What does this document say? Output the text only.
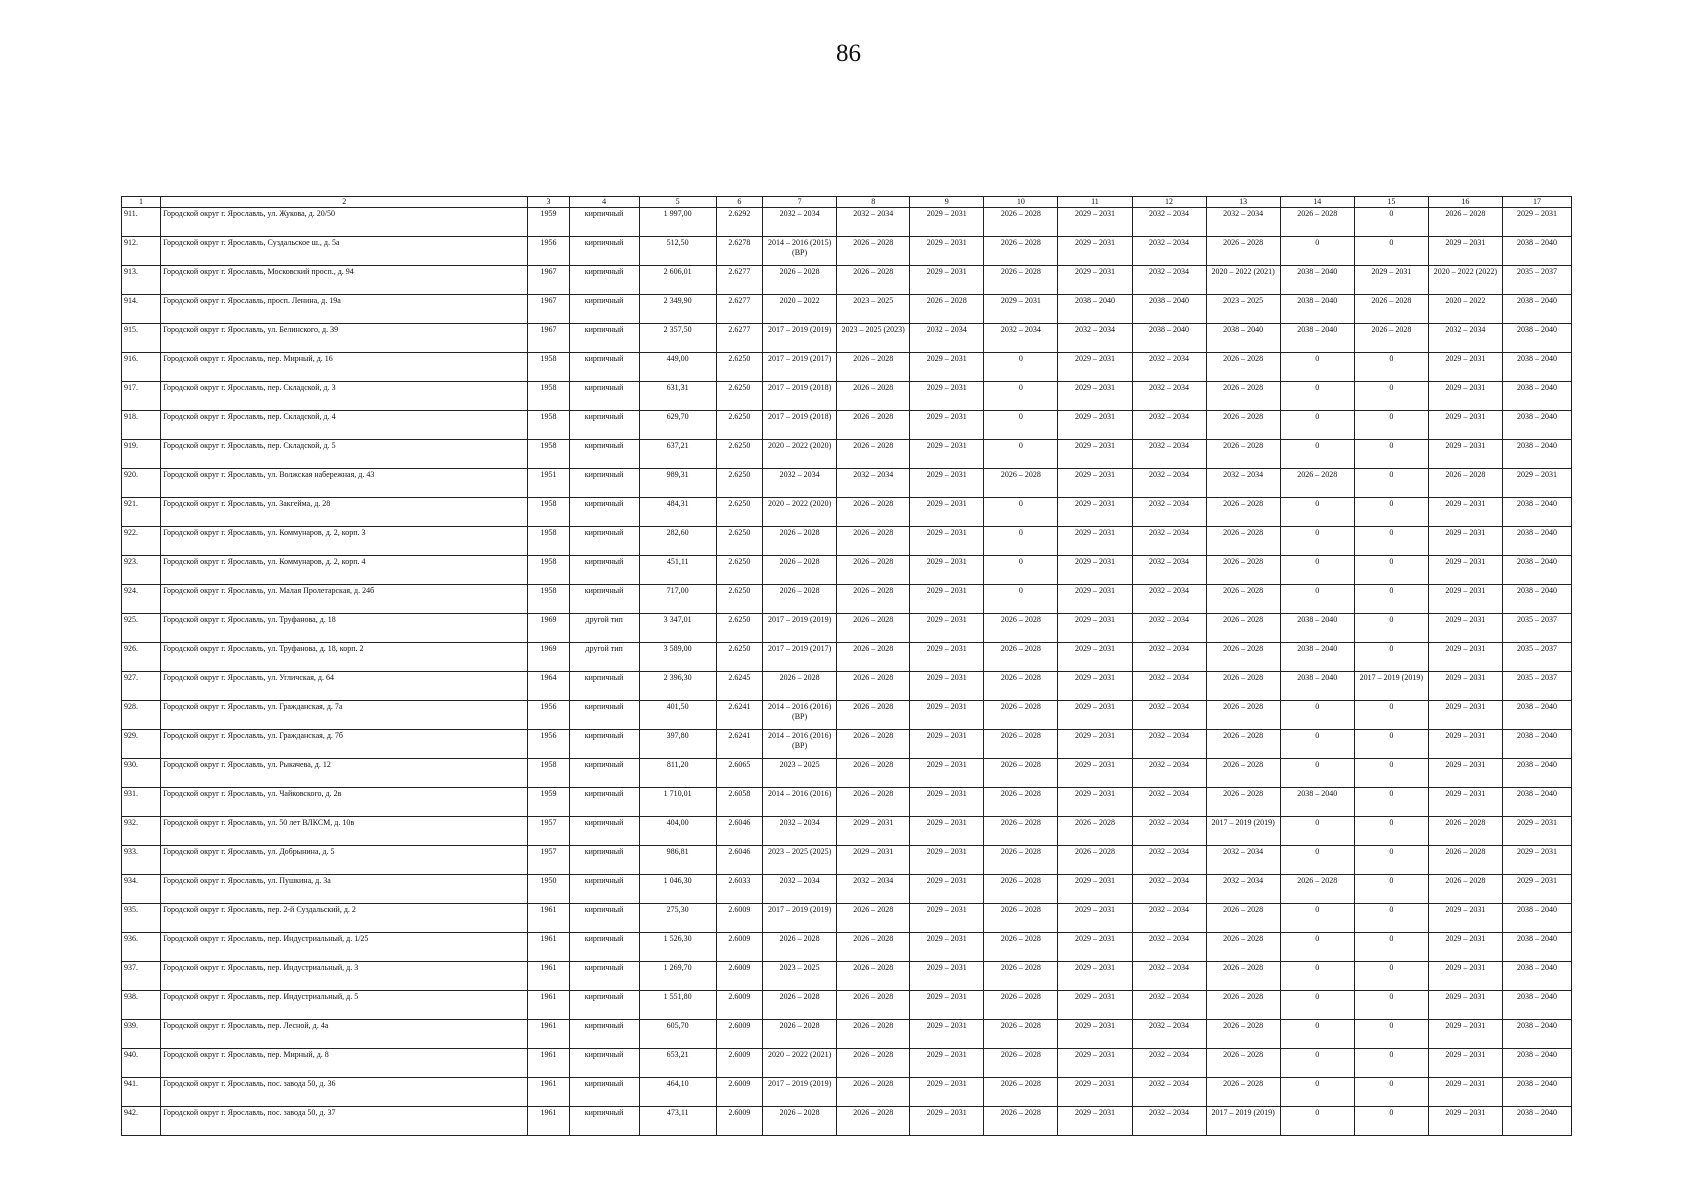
86
1	2	3	4	5	6	7	8	9	10	11	12	13	14	15	16	17
911.	Городской округ г. Ярославль, ул. Жукова, д. 20/50	1959	кирпичный	1 997,00	2.6292	2032 – 2034	2032 – 2034	2029 – 2031	2026 – 2028	2029 – 2031	2032 – 2034	2032 – 2034	2026 – 2028	0	2026 – 2028	2029 – 2031
912.	Городской округ г. Ярославль, Суздальское ш., д. 5а	1956	кирпичный	512,50	2.6278	2014 – 2016 (2015) (ВР)	2026 – 2028	2029 – 2031	2026 – 2028	2029 – 2031	2032 – 2034	2026 – 2028	0	0	2029 – 2031	2038 – 2040
913.	Городской округ г. Ярославль, Московский просп., д. 94	1967	кирпичный	2 606,01	2.6277	2026 – 2028	2026 – 2028	2029 – 2031	2026 – 2028	2029 – 2031	2032 – 2034	2020 – 2022 (2021)	2038 – 2040	2029 – 2031	2020 – 2022 (2022)	2035 – 2037
914.	Городской округ г. Ярославль, просп. Ленина, д. 19а	1967	кирпичный	2 349,90	2.6277	2020 – 2022	2023 – 2025	2026 – 2028	2029 – 2031	2038 – 2040	2038 – 2040	2023 – 2025	2038 – 2040	2026 – 2028	2020 – 2022	2038 – 2040
915.	Городской округ г. Ярославль, ул. Белинского, д. 39	1967	кирпичный	2 357,50	2.6277	2017 – 2019 (2019)	2023 – 2025 (2023)	2032 – 2034	2032 – 2034	2032 – 2034	2038 – 2040	2038 – 2040	2038 – 2040	2026 – 2028	2032 – 2034	2038 – 2040
916.	Городской округ г. Ярославль, пер. Мирный, д. 16	1958	кирпичный	449,00	2.6250	2017 – 2019 (2017)	2026 – 2028	2029 – 2031	0	2029 – 2031	2032 – 2034	2026 – 2028	0	0	2029 – 2031	2038 – 2040
917.	Городской округ г. Ярославль, пер. Складской, д. 3	1958	кирпичный	631,31	2.6250	2017 – 2019 (2018)	2026 – 2028	2029 – 2031	0	2029 – 2031	2032 – 2034	2026 – 2028	0	0	2029 – 2031	2038 – 2040
918.	Городской округ г. Ярославль, пер. Складской, д. 4	1958	кирпичный	629,70	2.6250	2017 – 2019 (2018)	2026 – 2028	2029 – 2031	0	2029 – 2031	2032 – 2034	2026 – 2028	0	0	2029 – 2031	2038 – 2040
919.	Городской округ г. Ярославль, пер. Складской, д. 5	1958	кирпичный	637,21	2.6250	2020 – 2022 (2020)	2026 – 2028	2029 – 2031	0	2029 – 2031	2032 – 2034	2026 – 2028	0	0	2029 – 2031	2038 – 2040
920.	Городской округ г. Ярославль, ул. Волжская набережная, д. 43	1951	кирпичный	989,31	2.6250	2032 – 2034	2032 – 2034	2029 – 2031	2026 – 2028	2029 – 2031	2032 – 2034	2032 – 2034	2026 – 2028	0	2026 – 2028	2029 – 2031
921.	Городской округ г. Ярославль, ул. Закгейма, д. 28	1958	кирпичный	484,31	2.6250	2020 – 2022 (2020)	2026 – 2028	2029 – 2031	0	2029 – 2031	2032 – 2034	2026 – 2028	0	0	2029 – 2031	2038 – 2040
922.	Городской округ г. Ярославль, ул. Коммунаров, д. 2, корп. 3	1958	кирпичный	282,60	2.6250	2026 – 2028	2026 – 2028	2029 – 2031	0	2029 – 2031	2032 – 2034	2026 – 2028	0	0	2029 – 2031	2038 – 2040
923.	Городской округ г. Ярославль, ул. Коммунаров, д. 2, корп. 4	1958	кирпичный	451,11	2.6250	2026 – 2028	2026 – 2028	2029 – 2031	0	2029 – 2031	2032 – 2034	2026 – 2028	0	0	2029 – 2031	2038 – 2040
924.	Городской округ г. Ярославль, ул. Малая Пролетарская, д. 24б	1958	кирпичный	717,00	2.6250	2026 – 2028	2026 – 2028	2029 – 2031	0	2029 – 2031	2032 – 2034	2026 – 2028	0	0	2029 – 2031	2038 – 2040
925.	Городской округ г. Ярославль, ул. Труфанова, д. 18	1969	другой тип	3 347,01	2.6250	2017 – 2019 (2019)	2026 – 2028	2029 – 2031	2026 – 2028	2029 – 2031	2032 – 2034	2026 – 2028	2038 – 2040	0	2029 – 2031	2035 – 2037
926.	Городской округ г. Ярославль, ул. Труфанова, д. 18, корп. 2	1969	другой тип	3 589,00	2.6250	2017 – 2019 (2017)	2026 – 2028	2029 – 2031	2026 – 2028	2029 – 2031	2032 – 2034	2026 – 2028	2038 – 2040	0	2029 – 2031	2035 – 2037
927.	Городской округ г. Ярославль, ул. Угличская, д. 64	1964	кирпичный	2 396,30	2.6245	2026 – 2028	2026 – 2028	2029 – 2031	2026 – 2028	2029 – 2031	2032 – 2034	2026 – 2028	2038 – 2040	2017 – 2019 (2019)	2029 – 2031	2035 – 2037
928.	Городской округ г. Ярославль, ул. Гражданская, д. 7а	1956	кирпичный	401,50	2.6241	2014 – 2016 (2016) (ВР)	2026 – 2028	2029 – 2031	2026 – 2028	2029 – 2031	2032 – 2034	2026 – 2028	0	0	2029 – 2031	2038 – 2040
929.	Городской округ г. Ярославль, ул. Гражданская, д. 7б	1956	кирпичный	397,80	2.6241	2014 – 2016 (2016) (ВР)	2026 – 2028	2029 – 2031	2026 – 2028	2029 – 2031	2032 – 2034	2026 – 2028	0	0	2029 – 2031	2038 – 2040
930.	Городской округ г. Ярославль, ул. Рыкачева, д. 12	1958	кирпичный	811,20	2.6065	2023 – 2025	2026 – 2028	2029 – 2031	2026 – 2028	2029 – 2031	2032 – 2034	2026 – 2028	0	0	2029 – 2031	2038 – 2040
931.	Городской округ г. Ярославль, ул. Чайковского, д. 2в	1959	кирпичный	1 710,01	2.6058	2014 – 2016 (2016)	2026 – 2028	2029 – 2031	2026 – 2028	2029 – 2031	2032 – 2034	2026 – 2028	2038 – 2040	0	2029 – 2031	2038 – 2040
932.	Городской округ г. Ярославль, ул. 50 лет ВЛКСМ, д. 10в	1957	кирпичный	404,00	2.6046	2032 – 2034	2029 – 2031	2029 – 2031	2026 – 2028	2026 – 2028	2032 – 2034	2017 – 2019 (2019)	0	0	2026 – 2028	2029 – 2031
933.	Городской округ г. Ярославль, ул. Добрынина, д. 5	1957	кирпичный	986,81	2.6046	2023 – 2025 (2025)	2029 – 2031	2029 – 2031	2026 – 2028	2026 – 2028	2032 – 2034	2032 – 2034	0	0	2026 – 2028	2029 – 2031
934.	Городской округ г. Ярославль, ул. Пушкина, д. 3а	1950	кирпичный	1 046,30	2.6033	2032 – 2034	2032 – 2034	2029 – 2031	2026 – 2028	2029 – 2031	2032 – 2034	2032 – 2034	2026 – 2028	0	2026 – 2028	2029 – 2031
935.	Городской округ г. Ярославль, пер. 2-й Суздальский, д. 2	1961	кирпичный	275,30	2.6009	2017 – 2019 (2019)	2026 – 2028	2029 – 2031	2026 – 2028	2029 – 2031	2032 – 2034	2026 – 2028	0	0	2029 – 2031	2038 – 2040
936.	Городской округ г. Ярославль, пер. Индустриальный, д. 1/25	1961	кирпичный	1 526,30	2.6009	2026 – 2028	2026 – 2028	2029 – 2031	2026 – 2028	2029 – 2031	2032 – 2034	2026 – 2028	0	0	2029 – 2031	2038 – 2040
937.	Городской округ г. Ярославль, пер. Индустриальный, д. 3	1961	кирпичный	1 269,70	2.6009	2023 – 2025	2026 – 2028	2029 – 2031	2026 – 2028	2029 – 2031	2032 – 2034	2026 – 2028	0	0	2029 – 2031	2038 – 2040
938.	Городской округ г. Ярославль, пер. Индустриальный, д. 5	1961	кирпичный	1 551,80	2.6009	2026 – 2028	2026 – 2028	2029 – 2031	2026 – 2028	2029 – 2031	2032 – 2034	2026 – 2028	0	0	2029 – 2031	2038 – 2040
939.	Городской округ г. Ярославль, пер. Лесной, д. 4а	1961	кирпичный	605,70	2.6009	2026 – 2028	2026 – 2028	2029 – 2031	2026 – 2028	2029 – 2031	2032 – 2034	2026 – 2028	0	0	2029 – 2031	2038 – 2040
940.	Городской округ г. Ярославль, пер. Мирный, д. 8	1961	кирпичный	653,21	2.6009	2020 – 2022 (2021)	2026 – 2028	2029 – 2031	2026 – 2028	2029 – 2031	2032 – 2034	2026 – 2028	0	0	2029 – 2031	2038 – 2040
941.	Городской округ г. Ярославль, пос. завода 50, д. 36	1961	кирпичный	464,10	2.6009	2017 – 2019 (2019)	2026 – 2028	2029 – 2031	2026 – 2028	2029 – 2031	2032 – 2034	2026 – 2028	0	0	2029 – 2031	2038 – 2040
942.	Городской округ г. Ярославль, пос. завода 50, д. 37	1961	кирпичный	473,11	2.6009	2026 – 2028	2026 – 2028	2029 – 2031	2026 – 2028	2029 – 2031	2032 – 2034	2017 – 2019 (2019)	0	0	2029 – 2031	2038 – 2040
